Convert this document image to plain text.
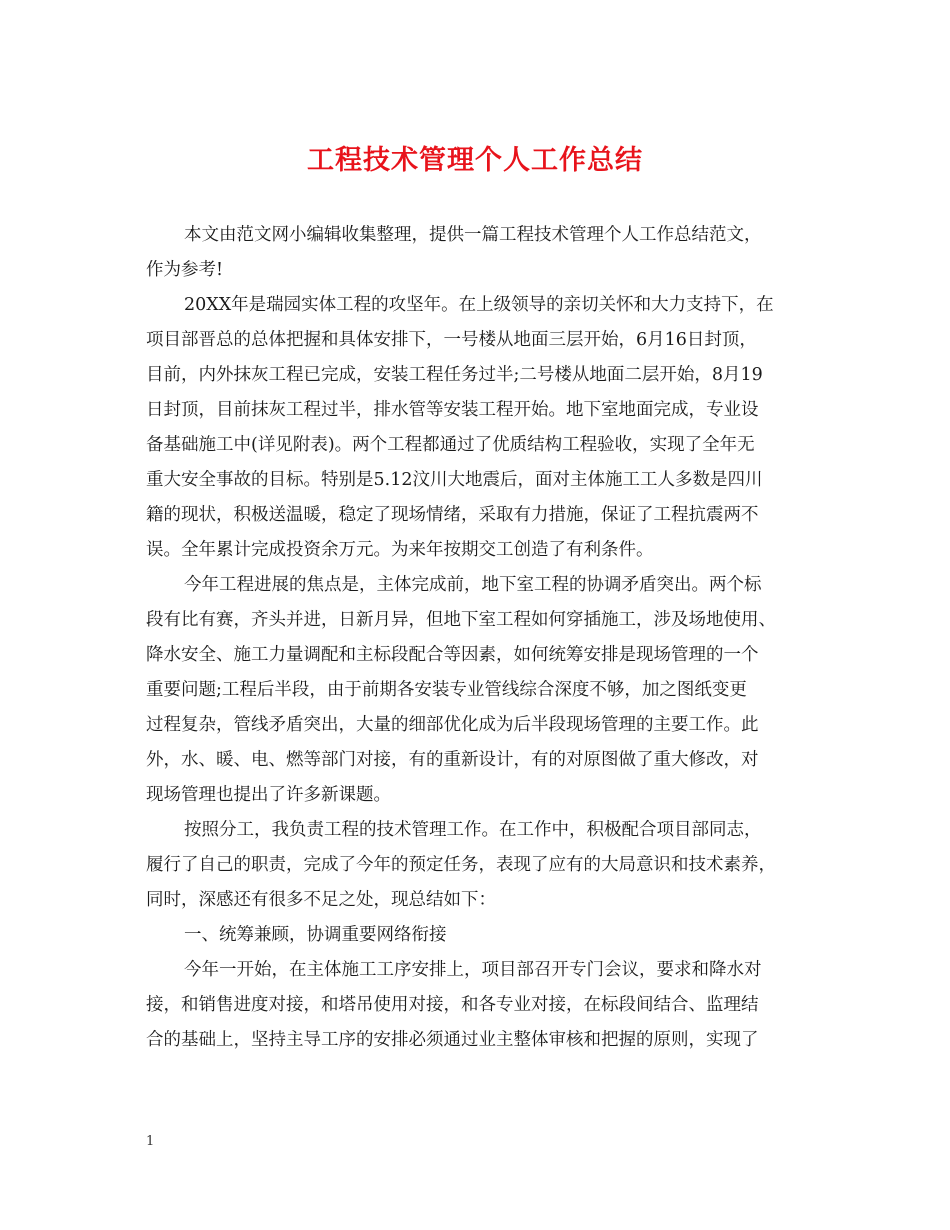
工程技术管理个人工作总结
本文由范文网小编辑收集整理，提供一篇工程技术管理个人工作总结范文，
作为参考!
20XX年是瑞园实体工程的攻坚年。在上级领导的亲切关怀和大力支持下，在
项目部晋总的总体把握和具体安排下，一号楼从地面三层开始，6月16日封顶，
目前，内外抹灰工程已完成，安装工程任务过半;二号楼从地面二层开始，8月19
日封顶，目前抹灰工程过半，排水管等安装工程开始。地下室地面完成，专业设
备基础施工中(详见附表)。两个工程都通过了优质结构工程验收，实现了全年无
重大安全事故的目标。特别是5.12汶川大地震后，面对主体施工工人多数是四川
籍的现状，积极送温暖，稳定了现场情绪，采取有力措施，保证了工程抗震两不
误。全年累计完成投资余万元。为来年按期交工创造了有利条件。
今年工程进展的焦点是，主体完成前，地下室工程的协调矛盾突出。两个标
段有比有赛，齐头并进，日新月异，但地下室工程如何穿插施工，涉及场地使用、
降水安全、施工力量调配和主标段配合等因素，如何统筹安排是现场管理的一个
重要问题;工程后半段，由于前期各安装专业管线综合深度不够，加之图纸变更
过程复杂，管线矛盾突出，大量的细部优化成为后半段现场管理的主要工作。此
外，水、暖、电、燃等部门对接，有的重新设计，有的对原图做了重大修改，对
现场管理也提出了许多新课题。
按照分工，我负责工程的技术管理工作。在工作中，积极配合项目部同志，
履行了自己的职责，完成了今年的预定任务，表现了应有的大局意识和技术素养，
同时，深感还有很多不足之处，现总结如下：
一、统筹兼顾，协调重要网络衔接
今年一开始，在主体施工工序安排上，项目部召开专门会议，要求和降水对
接，和销售进度对接，和塔吊使用对接，和各专业对接，在标段间结合、监理结
合的基础上，坚持主导工序的安排必须通过业主整体审核和把握的原则，实现了
1
